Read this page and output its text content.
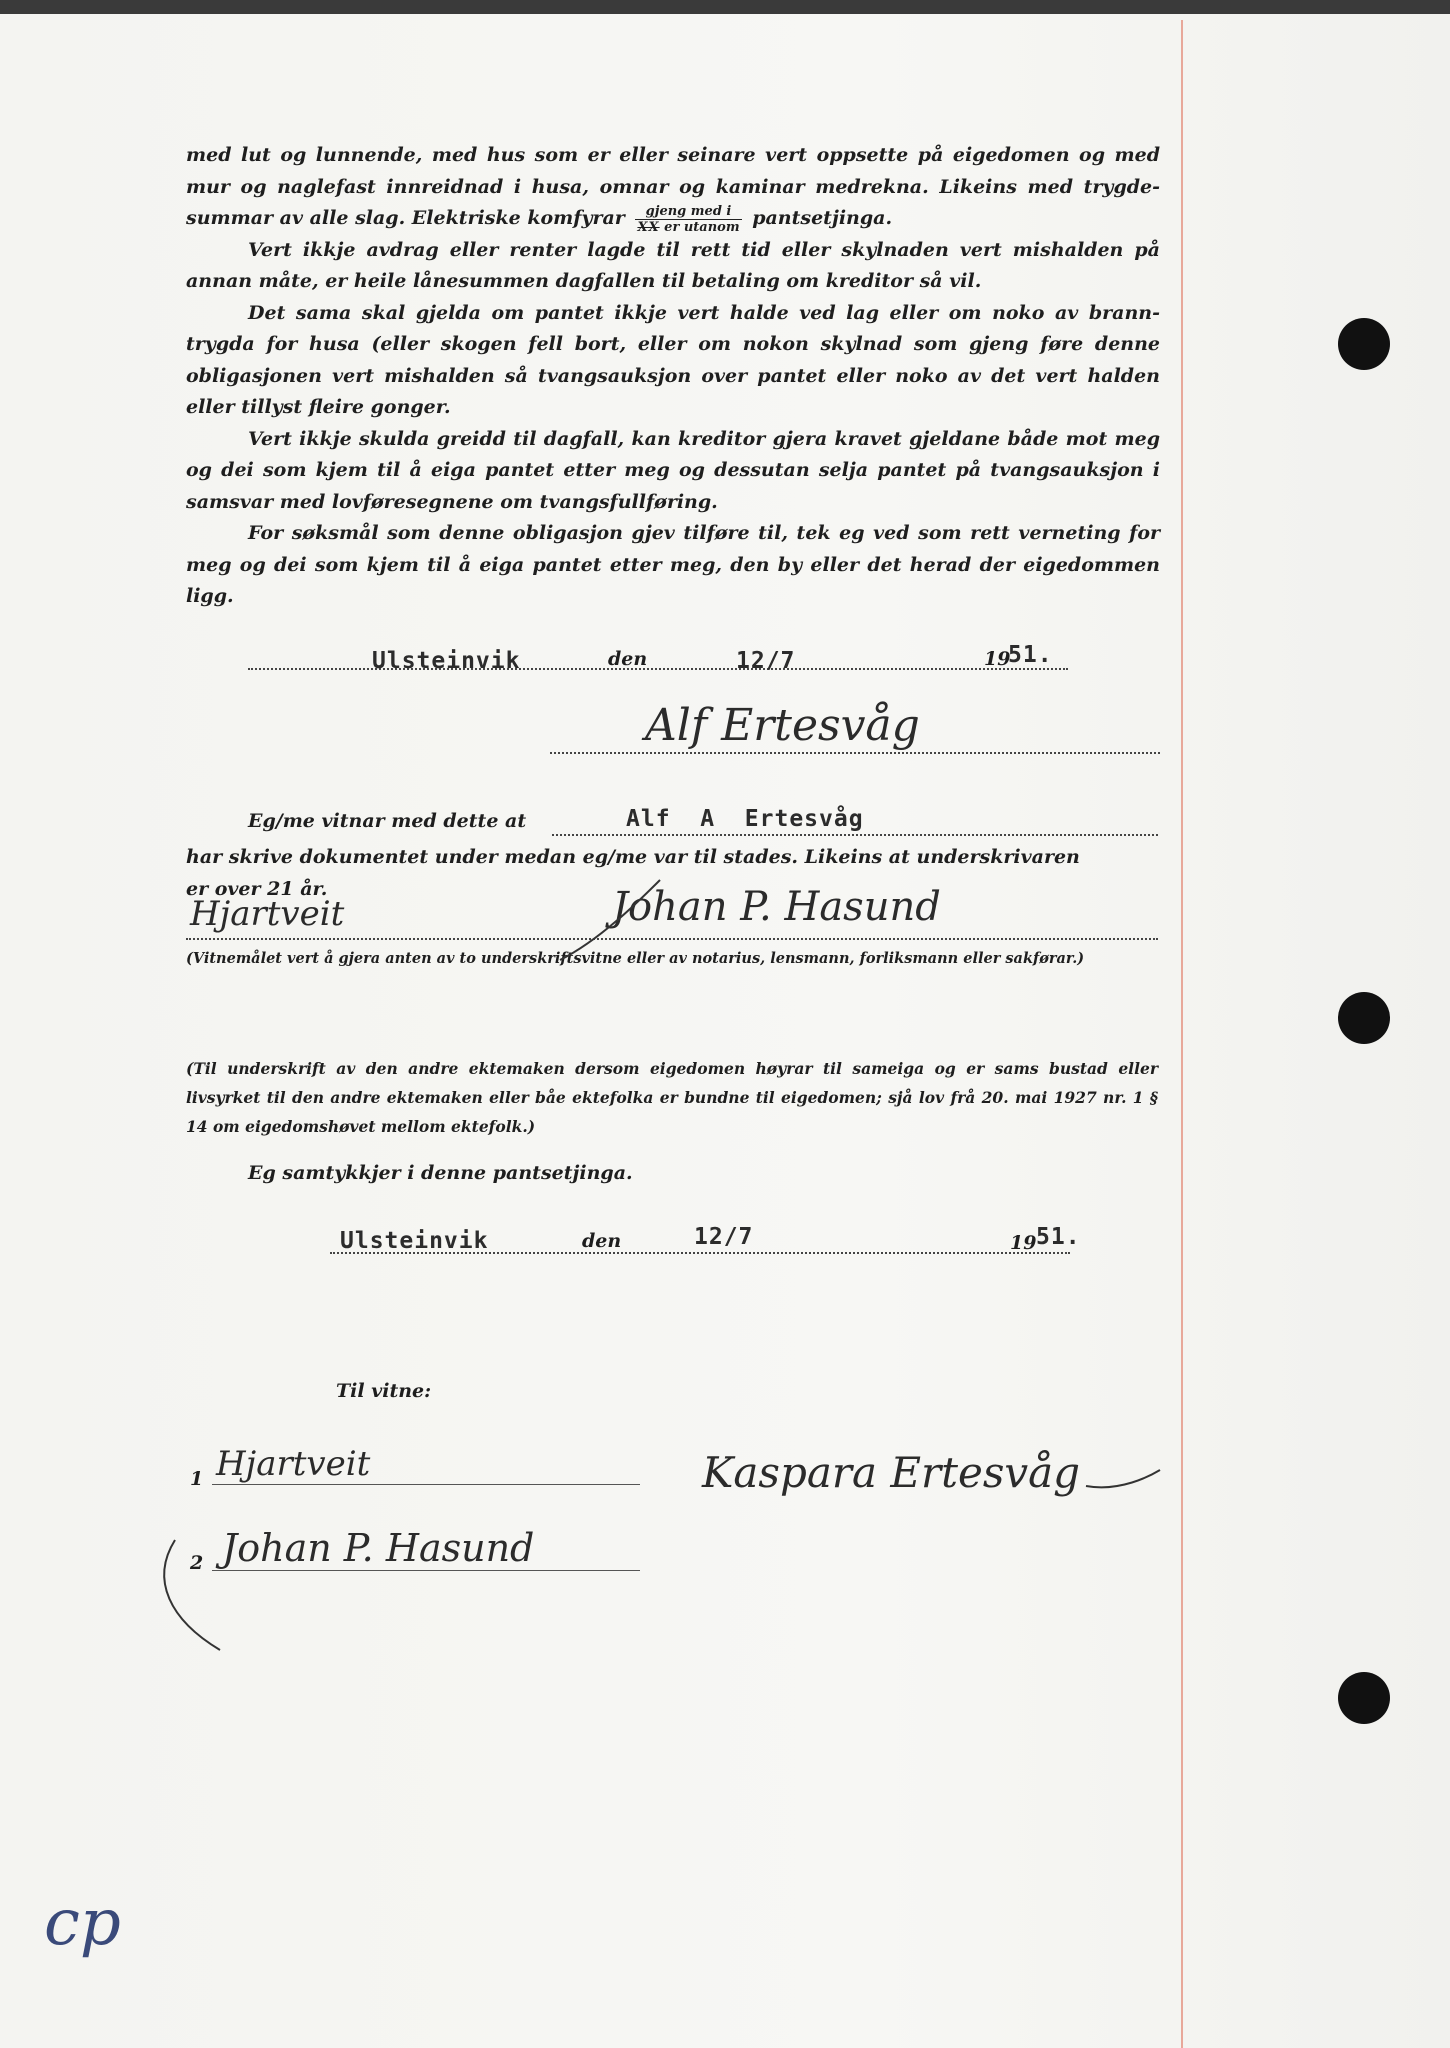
med lut og lunnende, med hus som er eller seinare vert oppsette på eigedomen og med mur og naglefast innreidnad i husa, omnar og kaminar medrekna. Likeins med trygdesummar av alle slag. Elektriske komfyrar $\frac{\text{gjeng med i}}{\text{XX er utanom}}$ pantsetjinga.

Vert ikkje avdrag eller renter lagde til rett tid eller skylnaden vert mishalden på annan måte, er heile lånesummen dagfallen til betaling om kreditor så vil.

Det sama skal gjelda om pantet ikkje vert halde ved lag eller om noko av branntrygda for husa (eller skogen fell bort, eller om nokon skylnad som gjeng føre denne obligasjonen vert mishalden så tvangsauksjon over pantet eller noko av det vert halden eller tillyst fleire gonger.

Vert ikkje skulda greidd til dagfall, kan kreditor gjera kravet gjeldane både mot meg og dei som kjem til å eiga pantet etter meg og dessutan selja pantet på tvangsauksjon i samsvar med lovføresegnene om tvangsfullføring.

For søksmål som denne obligasjon gjev tilføre til, tek eg ved som rett verneting for meg og dei som kjem til å eiga pantet etter meg, den by eller det herad der eigedommen ligg.

Ulsteinvik	den	12/7	19
51.
Alf Ertesvåg
Eg/me vitnar med dette at	Alf  A  Ertesvåg
har skrive dokumentet under medan eg/me var til stades. Likeins at underskrivaren
er over 21 år.
Hjartveit	Johan P. Hasund
(Vitnemålet vert å gjera anten av to underskriftsvitne eller av notarius, lensmann, forliksmann eller sakførar.)
(Til underskrift av den andre ektemaken dersom eigedomen høyrar til sameiga og er sams bustad eller livsyrket til den andre ektemaken eller båe ektefolka er bundne til eigedomen; sjå lov frå 20. mai 1927 nr. 1 § 14 om eigedomshøvet mellom ektefolk.)
Eg samtykkjer i denne pantsetjinga.
Ulsteinvik	den	12/7	19 51.
Til vitne:
1 Hjartveit
2 Johan P. Hasund
Kaspara Ertesvåg
cp
